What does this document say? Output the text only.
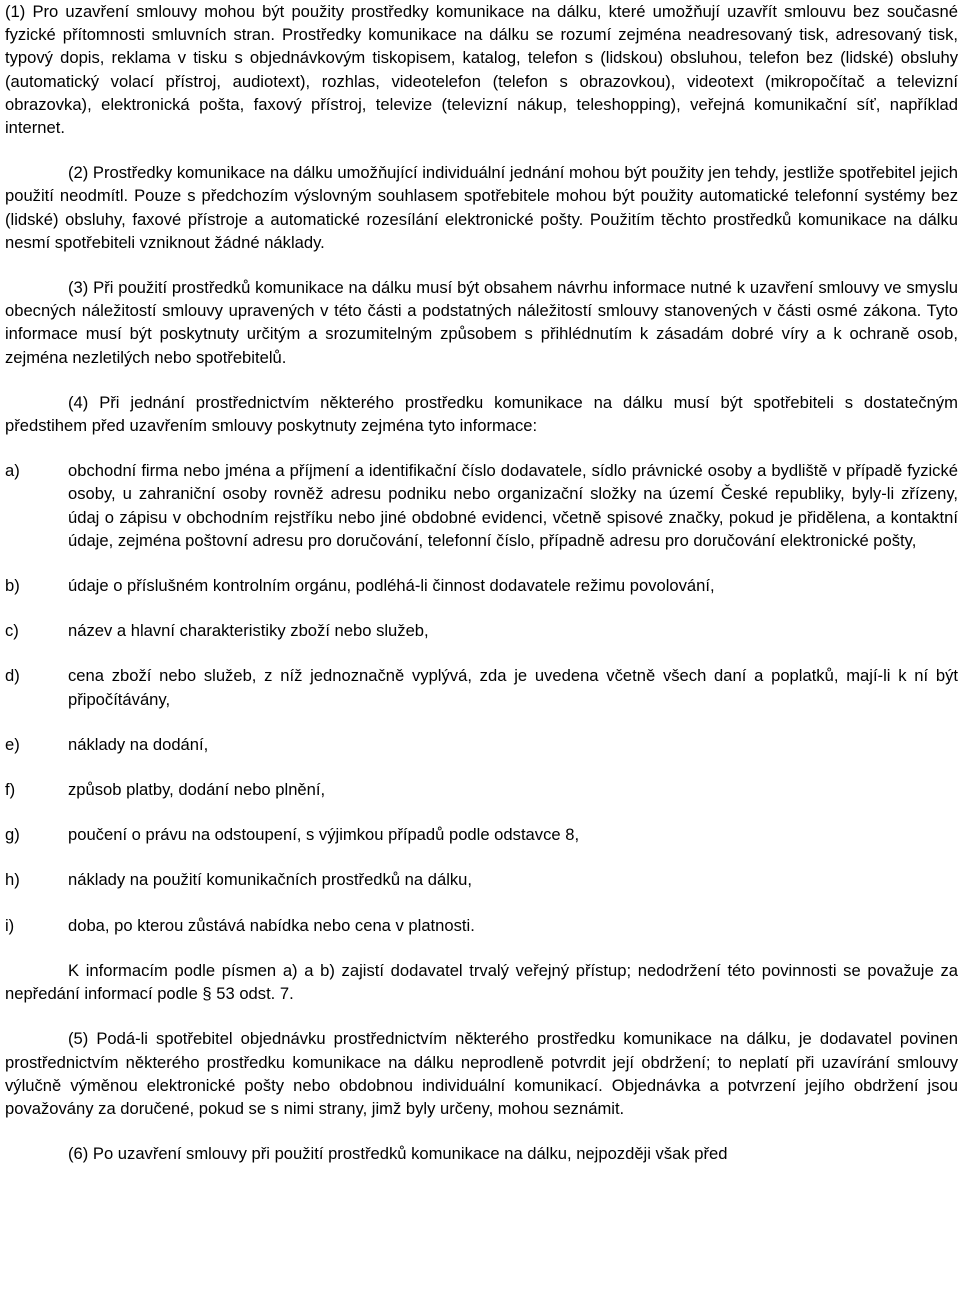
(1) Pro uzavření smlouvy mohou být použity prostředky komunikace na dálku, které umožňují uzavřít smlouvu bez současné fyzické přítomnosti smluvních stran. Prostředky komunikace na dálku se rozumí zejména neadresovaný tisk, adresovaný tisk, typový dopis, reklama v tisku s objednávkovým tiskopisem, katalog, telefon s (lidskou) obsluhou, telefon bez (lidské) obsluhy (automatický volací přístroj, audiotext), rozhlas, videotelefon (telefon s obrazovkou), videotext (mikropočítač a televizní obrazovka), elektronická pošta, faxový přístroj, televize (televizní nákup, teleshopping), veřejná komunikační síť, například internet.

(2) Prostředky komunikace na dálku umožňující individuální jednání mohou být použity jen tehdy, jestliže spotřebitel jejich použití neodmítl. Pouze s předchozím výslovným souhlasem spotřebitele mohou být použity automatické telefonní systémy bez (lidské) obsluhy, faxové přístroje a automatické rozesílání elektronické pošty. Použitím těchto prostředků komunikace na dálku nesmí spotřebiteli vzniknout žádné náklady.

(3) Při použití prostředků komunikace na dálku musí být obsahem návrhu informace nutné k uzavření smlouvy ve smyslu obecných náležitostí smlouvy upravených v této části a podstatných náležitostí smlouvy stanovených v části osmé zákona. Tyto informace musí být poskytnuty určitým a srozumitelným způsobem s přihlédnutím k zásadám dobré víry a k ochraně osob, zejména nezletilých nebo spotřebitelů.

(4) Při jednání prostřednictvím některého prostředku komunikace na dálku musí být spotřebiteli s dostatečným předstihem před uzavřením smlouvy poskytnuty zejména tyto informace:

a)	obchodní firma nebo jména a příjmení a identifikační číslo dodavatele, sídlo právnické osoby a bydliště v případě fyzické osoby, u zahraniční osoby rovněž adresu podniku nebo organizační složky na území České republiky, byly-li zřízeny, údaj o zápisu v obchodním rejstříku nebo jiné obdobné evidenci, včetně spisové značky, pokud je přidělena, a kontaktní údaje, zejména poštovní adresu pro doručování, telefonní číslo, případně adresu pro doručování elektronické pošty,
b)	údaje o příslušném kontrolním orgánu, podléhá-li činnost dodavatele režimu povolování,
c)	název a hlavní charakteristiky zboží nebo služeb,
d)	cena zboží nebo služeb, z níž jednoznačně vyplývá, zda je uvedena včetně všech daní a poplatků, mají-li k ní být připočítávány,
e)	náklady na dodání,
f)	způsob platby, dodání nebo plnění,
g)	poučení o právu na odstoupení, s výjimkou případů podle odstavce 8,
h)	náklady na použití komunikačních prostředků na dálku,
i)	doba, po kterou zůstává nabídka nebo cena v platnosti.

K informacím podle písmen a) a b) zajistí dodavatel trvalý veřejný přístup; nedodržení této povinnosti se považuje za nepředání informací podle § 53 odst. 7.

(5) Podá-li spotřebitel objednávku prostřednictvím některého prostředku komunikace na dálku, je dodavatel povinen prostřednictvím některého prostředku komunikace na dálku neprodleně potvrdit její obdržení; to neplatí při uzavírání smlouvy výlučně výměnou elektronické pošty nebo obdobnou individuální komunikací. Objednávka a potvrzení jejího obdržení jsou považovány za doručené, pokud se s nimi strany, jimž byly určeny, mohou seznámit.

(6) Po uzavření smlouvy při použití prostředků komunikace na dálku, nejpozději však před
